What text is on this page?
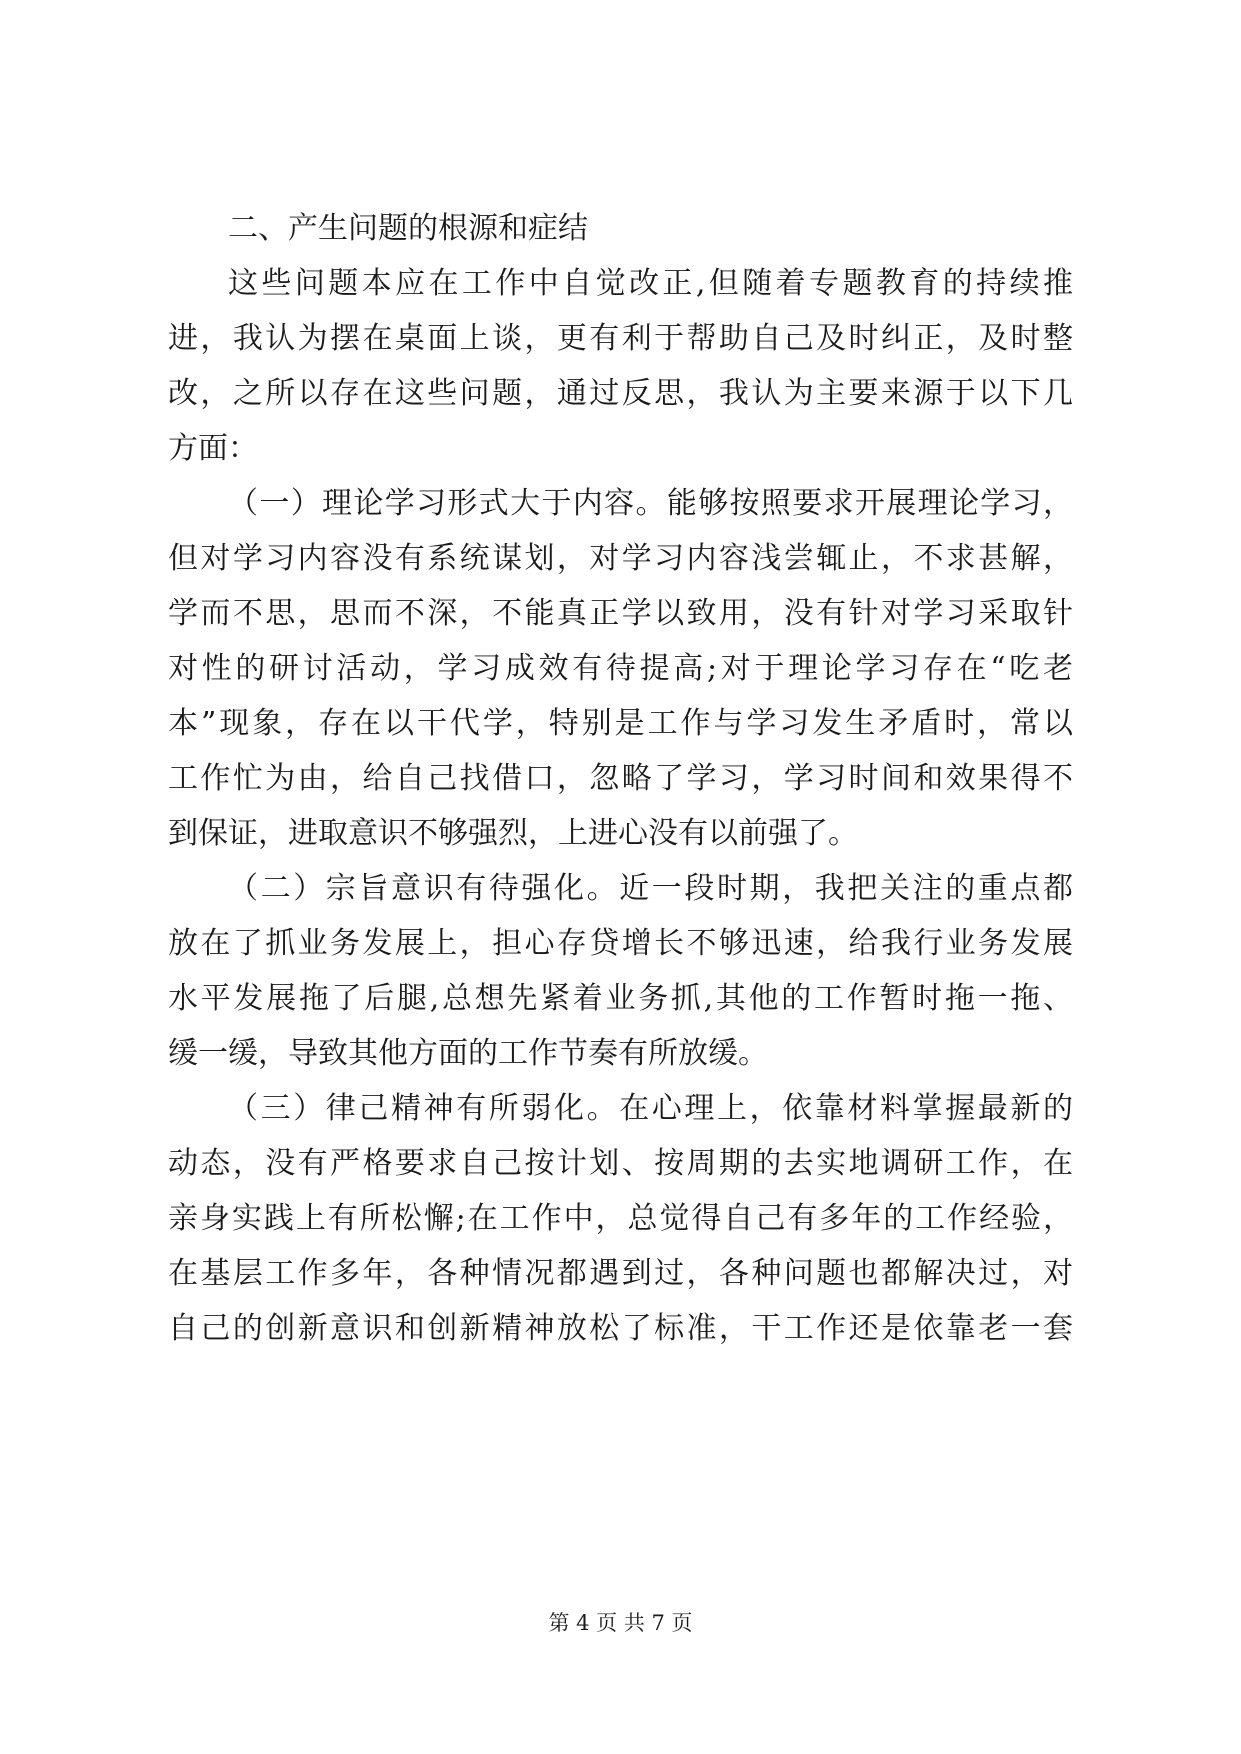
二、产生问题的根源和症结

这些问题本应在工作中自觉改正,但随着专题教育的持续推

进，我认为摆在桌面上谈，更有利于帮助自己及时纠正，及时整

改，之所以存在这些问题，通过反思，我认为主要来源于以下几

方面：

（一）理论学习形式大于内容。能够按照要求开展理论学习，

但对学习内容没有系统谋划，对学习内容浅尝辄止，不求甚解，

学而不思，思而不深，不能真正学以致用，没有针对学习采取针

对性的研讨活动，学习成效有待提高;对于理论学习存在“吃老

本”现象，存在以干代学，特别是工作与学习发生矛盾时，常以

工作忙为由，给自己找借口，忽略了学习，学习时间和效果得不

到保证，进取意识不够强烈，上进心没有以前强了。

（二）宗旨意识有待强化。近一段时期，我把关注的重点都

放在了抓业务发展上，担心存贷增长不够迅速，给我行业务发展

水平发展拖了后腿,总想先紧着业务抓,其他的工作暂时拖一拖、

缓一缓，导致其他方面的工作节奏有所放缓。

（三）律己精神有所弱化。在心理上，依靠材料掌握最新的

动态，没有严格要求自己按计划、按周期的去实地调研工作，在

亲身实践上有所松懈;在工作中，总觉得自己有多年的工作经验，

在基层工作多年，各种情况都遇到过，各种问题也都解决过，对

自己的创新意识和创新精神放松了标准，干工作还是依靠老一套

第 4 页 共 7 页
